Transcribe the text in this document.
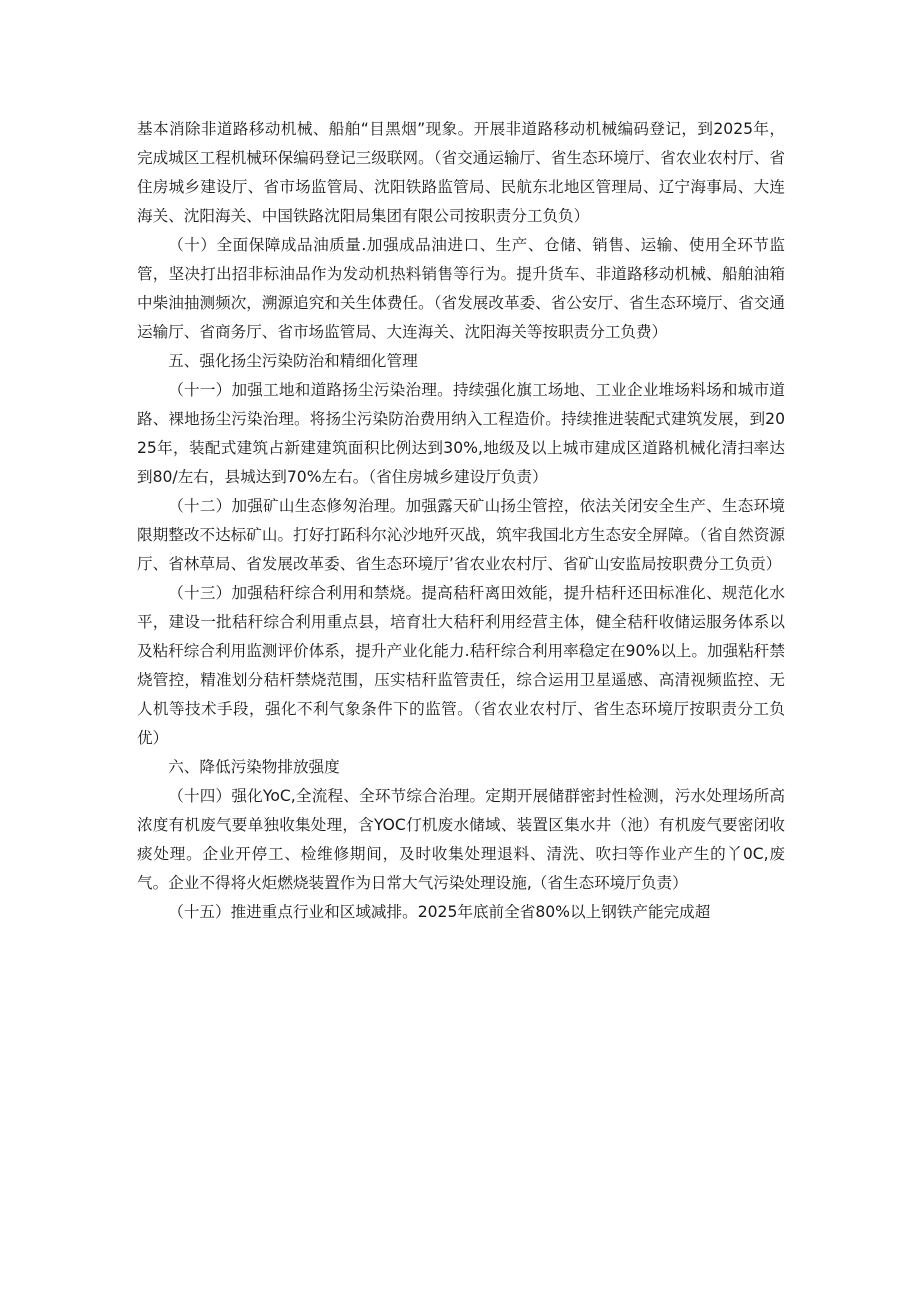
基本消除非道路移动机械、船舶“目黑烟”现象。开展非道路移动机械编码登记，到2025年，完成城区工程机械环保编码登记三级联网。（省交通运输厅、省生态环境厅、省农业农村厅、省住房城乡建设厅、省市场监管局、沈阳铁路监管局、民航东北地区管理局、辽宁海事局、大连海关、沈阳海关、中国铁路沈阳局集团有限公司按职责分工负负）

（十）全面保障成品油质量.加强成品油进口、生产、仓储、销售、运输、使用全环节监管，坚决打出招非标油品作为发动机热料销售等行为。提升货车、非道路移动机械、船舶油箱中柴油抽测频次，溯源追究和关生体费任。（省发展改革委、省公安厅、省生态环境厅、省交通运输厅、省商务厅、省市场监管局、大连海关、沈阳海关等按职责分工负费）

五、强化扬尘污染防治和精细化管理

（十一）加强工地和道路扬尘污染治理。持续强化旗工场地、工业企业堆场料场和城市道路、裸地扬尘污染治理。将扬尘污染防治费用纳入工程造价。持续推进装配式建筑发展，到2025年，装配式建筑占新建建筑面积比例达到30%,地级及以上城市建成区道路机械化清扫率达到80/左右，县城达到70%左右。（省住房城乡建设厅负责）

（十二）加强矿山生态修匆治理。加强露天矿山扬尘管控，依法关闭安全生产、生态环境限期整改不达标矿山。打好打跖科尔沁沙地歼灭战，筑牢我国北方生态安全屏障。（省自然资源厅、省林草局、省发展改革委、省生态环境厅’省农业农村厅、省矿山安监局按职费分工负贡）

（十三）加强秸秆综合利用和禁烧。提高秸秆离田效能，提升桔秆还田标准化、规范化水平，建设一批秸秆综合利用重点县，培育壮大秸秆利用经营主体，健全秸秆收储运服务体系以及粘秆综合利用监测评价体系，提升产业化能力.秸秆综合利用率稳定在90%以上。加强粘秆禁烧管控，精准划分秸杆禁烧范围，压实桔秆监管责任，综合运用卫星遥感、高清视频监控、无人机等技术手段，强化不利气象条件下的监管。（省农业农村厅、省生态环境厅按职责分工负优）

六、降低污染物排放强度

（十四）强化YoC,全流程、全环节综合治理。定期开展储群密封性检测，污水处理场所高浓度有机废气要单独收集处理，含YOC仃机废水储域、装置区集水井（池）有机废气要密闭收痰处理。企业开停工、检维修期间，及时收集处理退料、清洗、吹扫等作业产生的丫0C,废气。企业不得将火炬燃烧装置作为日常大气污染处理设施,（省生态环境厅负责）

（十五）推进重点行业和区域减排。2025年底前全省80%以上钢铁产能完成超
